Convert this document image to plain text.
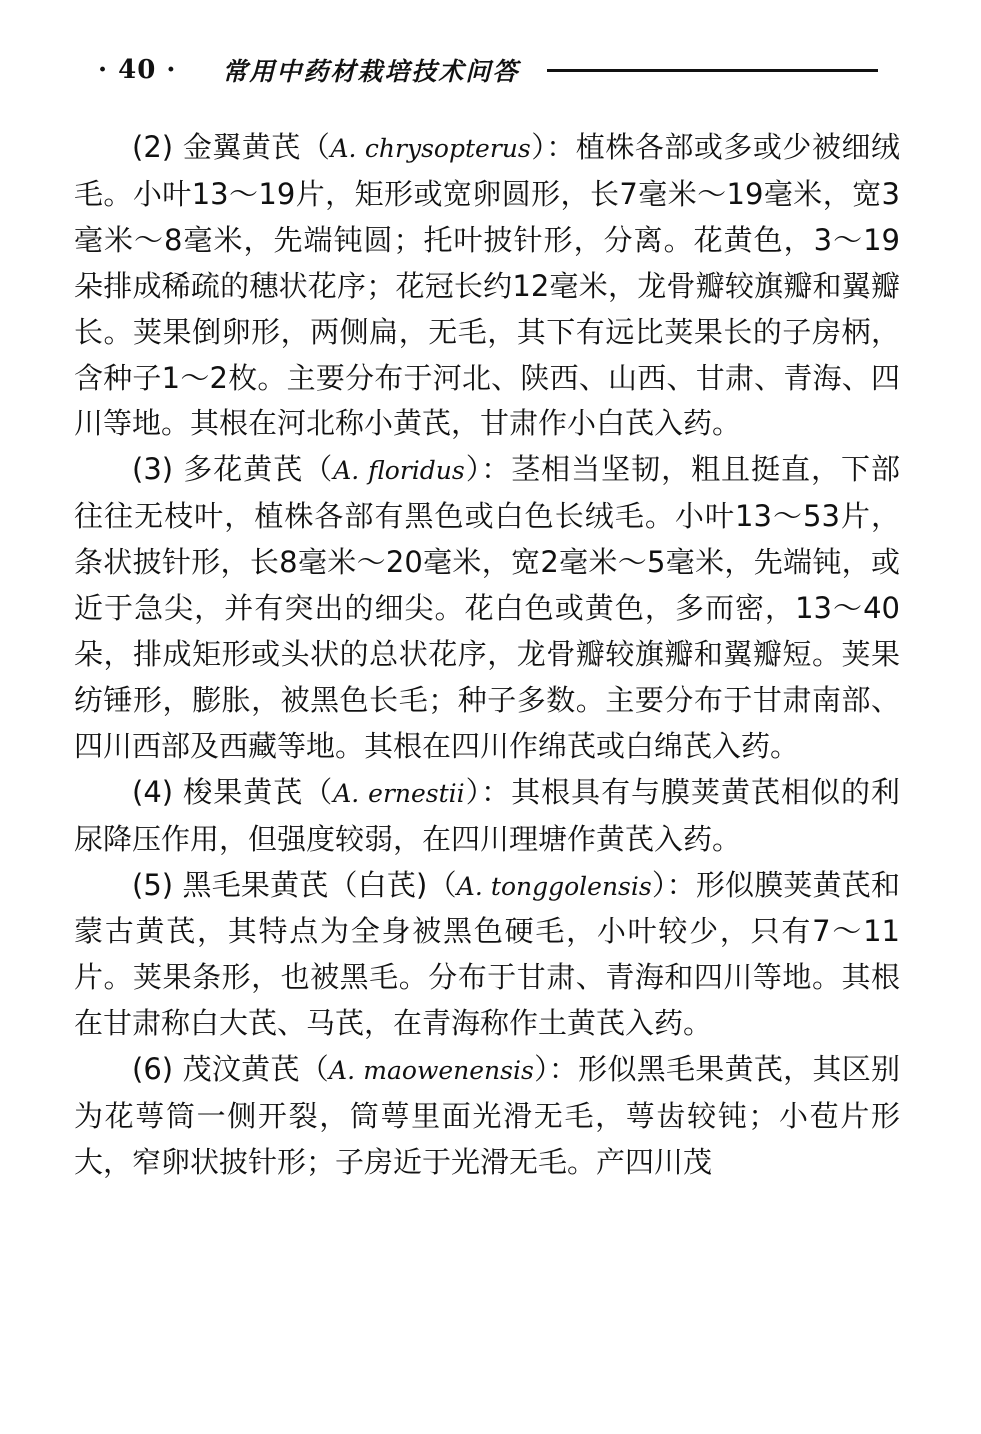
· 40 · 常用中药材栽培技术问答

(2) 金翼黄芪（A. chrysopterus）：植株各部或多或少被细绒毛。小叶13～19片，矩形或宽卵圆形，长7毫米～19毫米，宽3毫米～8毫米，先端钝圆；托叶披针形，分离。花黄色，3～19朵排成稀疏的穗状花序；花冠长约12毫米，龙骨瓣较旗瓣和翼瓣长。荚果倒卵形，两侧扁，无毛，其下有远比荚果长的子房柄，含种子1～2枚。主要分布于河北、陕西、山西、甘肃、青海、四川等地。其根在河北称小黄芪，甘肃作小白芪入药。

(3) 多花黄芪（A. floridus）：茎相当坚韧，粗且挺直，下部往往无枝叶，植株各部有黑色或白色长绒毛。小叶13～53片，条状披针形，长8毫米～20毫米，宽2毫米～5毫米，先端钝，或近于急尖，并有突出的细尖。花白色或黄色，多而密，13～40朵，排成矩形或头状的总状花序，龙骨瓣较旗瓣和翼瓣短。荚果纺锤形，膨胀，被黑色长毛；种子多数。主要分布于甘肃南部、四川西部及西藏等地。其根在四川作绵芪或白绵芪入药。

(4) 梭果黄芪（A. ernestii）：其根具有与膜荚黄芪相似的利尿降压作用，但强度较弱，在四川理塘作黄芪入药。

(5) 黑毛果黄芪（白芪)（A. tonggolensis）：形似膜荚黄芪和蒙古黄芪，其特点为全身被黑色硬毛，小叶较少，只有7～11片。荚果条形，也被黑毛。分布于甘肃、青海和四川等地。其根在甘肃称白大芪、马芪，在青海称作土黄芪入药。

(6) 茂汶黄芪（A. maowenensis）：形似黑毛果黄芪，其区别为花萼筒一侧开裂，筒萼里面光滑无毛，萼齿较钝；小苞片形大，窄卵状披针形；子房近于光滑无毛。产四川茂
